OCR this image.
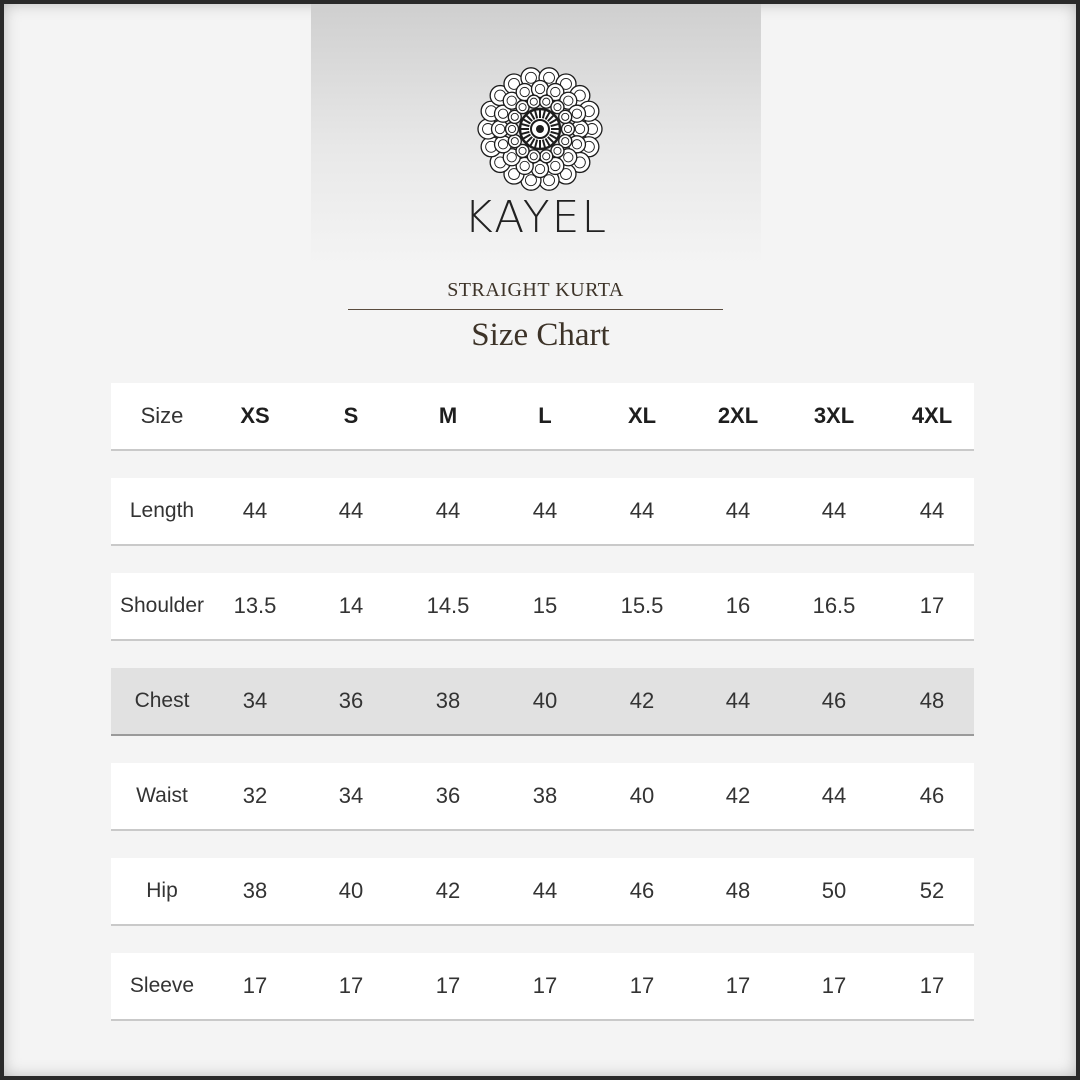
KAYEL
STRAIGHT KURTA
Size Chart
Size	XS	S	M	L	XL	2XL	3XL	4XL
Length	44	44	44	44	44	44	44	44
Shoulder	13.5	14	14.5	15	15.5	16	16.5	17
Chest	34	36	38	40	42	44	46	48
Waist	32	34	36	38	40	42	44	46
Hip	38	40	42	44	46	48	50	52
Sleeve	17	17	17	17	17	17	17	17
